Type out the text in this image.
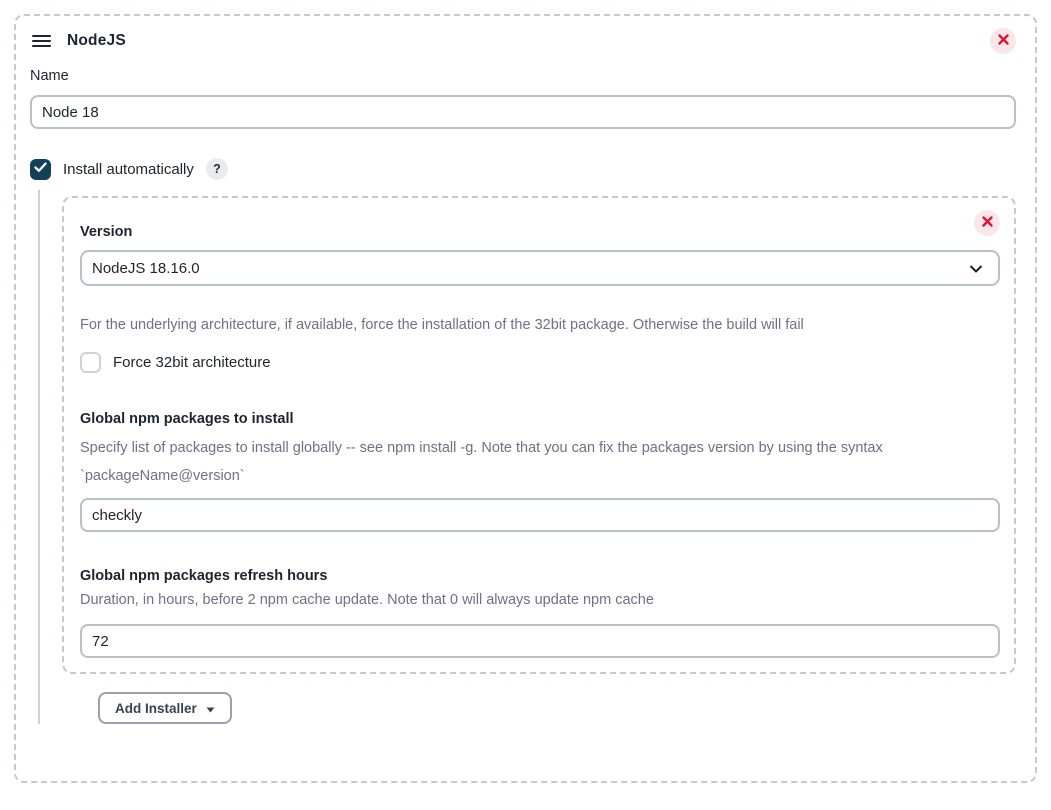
NodeJS
Name
Node 18
Install automatically	?
Version
NodeJS 18.16.0
For the underlying architecture, if available, force the installation of the 32bit package. Otherwise the build will fail
Force 32bit architecture
Global npm packages to install
Specify list of packages to install globally -- see npm install -g. Note that you can fix the packages version by using the syntax `packageName@version`
checkly
Global npm packages refresh hours
Duration, in hours, before 2 npm cache update. Note that 0 will always update npm cache
72
Add Installer
